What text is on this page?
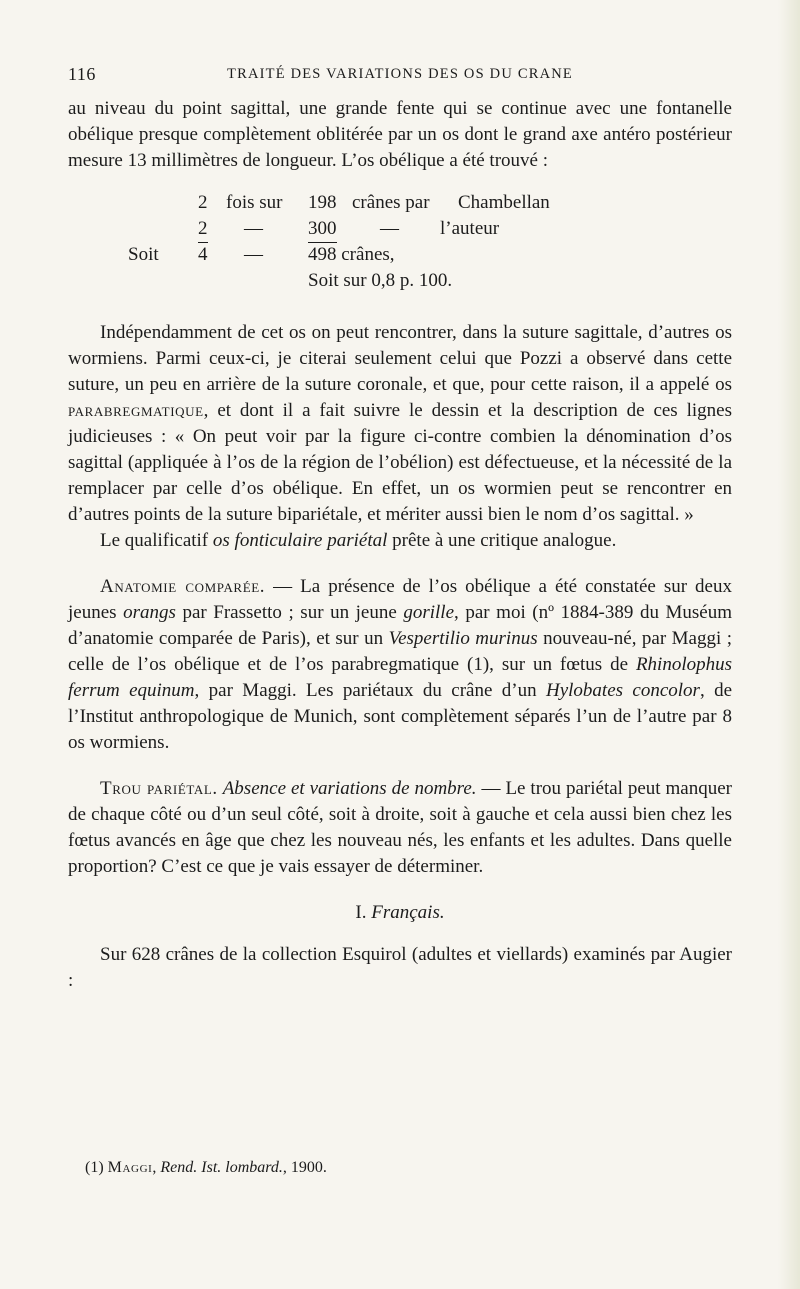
116	TRAITÉ DES VARIATIONS DES OS DU CRANE

au niveau du point sagittal, une grande fente qui se continue avec une fontanelle obélique presque complètement oblitérée par un os dont le grand axe antéro postérieur mesure 13 millimètres de longueur. L’os obélique a été trouvé :

2 fois sur 198 crânes par Chambellan
2 — 300 — l’auteur
Soit 4 — 498 crânes,
Soit sur 0,8 p. 100.

Indépendamment de cet os on peut rencontrer, dans la suture sagittale, d’autres os wormiens. Parmi ceux-ci, je citerai seulement celui que Pozzi a observé dans cette suture, un peu en arrière de la suture coronale, et que, pour cette raison, il a appelé os parabregmatique, et dont il a fait suivre le dessin et la description de ces lignes judicieuses : « On peut voir par la figure ci-contre combien la dénomination d’os sagittal (appliquée à l’os de la région de l’obélion) est défectueuse, et la nécessité de la remplacer par celle d’os obélique. En effet, un os wormien peut se rencontrer en d’autres points de la suture bipariétale, et mériter aussi bien le nom d’os sagittal. »

Le qualificatif os fonticulaire pariétal prête à une critique analogue.

Anatomie comparée. — La présence de l’os obélique a été constatée sur deux jeunes orangs par Frassetto ; sur un jeune gorille, par moi (nº 1884-389 du Muséum d’anatomie comparée de Paris), et sur un Vespertilio murinus nouveau-né, par Maggi ; celle de l’os obélique et de l’os parabregmatique (1), sur un fœtus de Rhinolophus ferrum equinum, par Maggi. Les pariétaux du crâne d’un Hylobates concolor, de l’Institut anthropologique de Munich, sont complètement séparés l’un de l’autre par 8 os wormiens.

Trou pariétal. Absence et variations de nombre. — Le trou pariétal peut manquer de chaque côté ou d’un seul côté, soit à droite, soit à gauche et cela aussi bien chez les fœtus avancés en âge que chez les nouveau nés, les enfants et les adultes. Dans quelle proportion? C’est ce que je vais essayer de déterminer.

I. Français.

Sur 628 crânes de la collection Esquirol (adultes et viellards) examinés par Augier :

(1) Maggi, Rend. Ist. lombard., 1900.
